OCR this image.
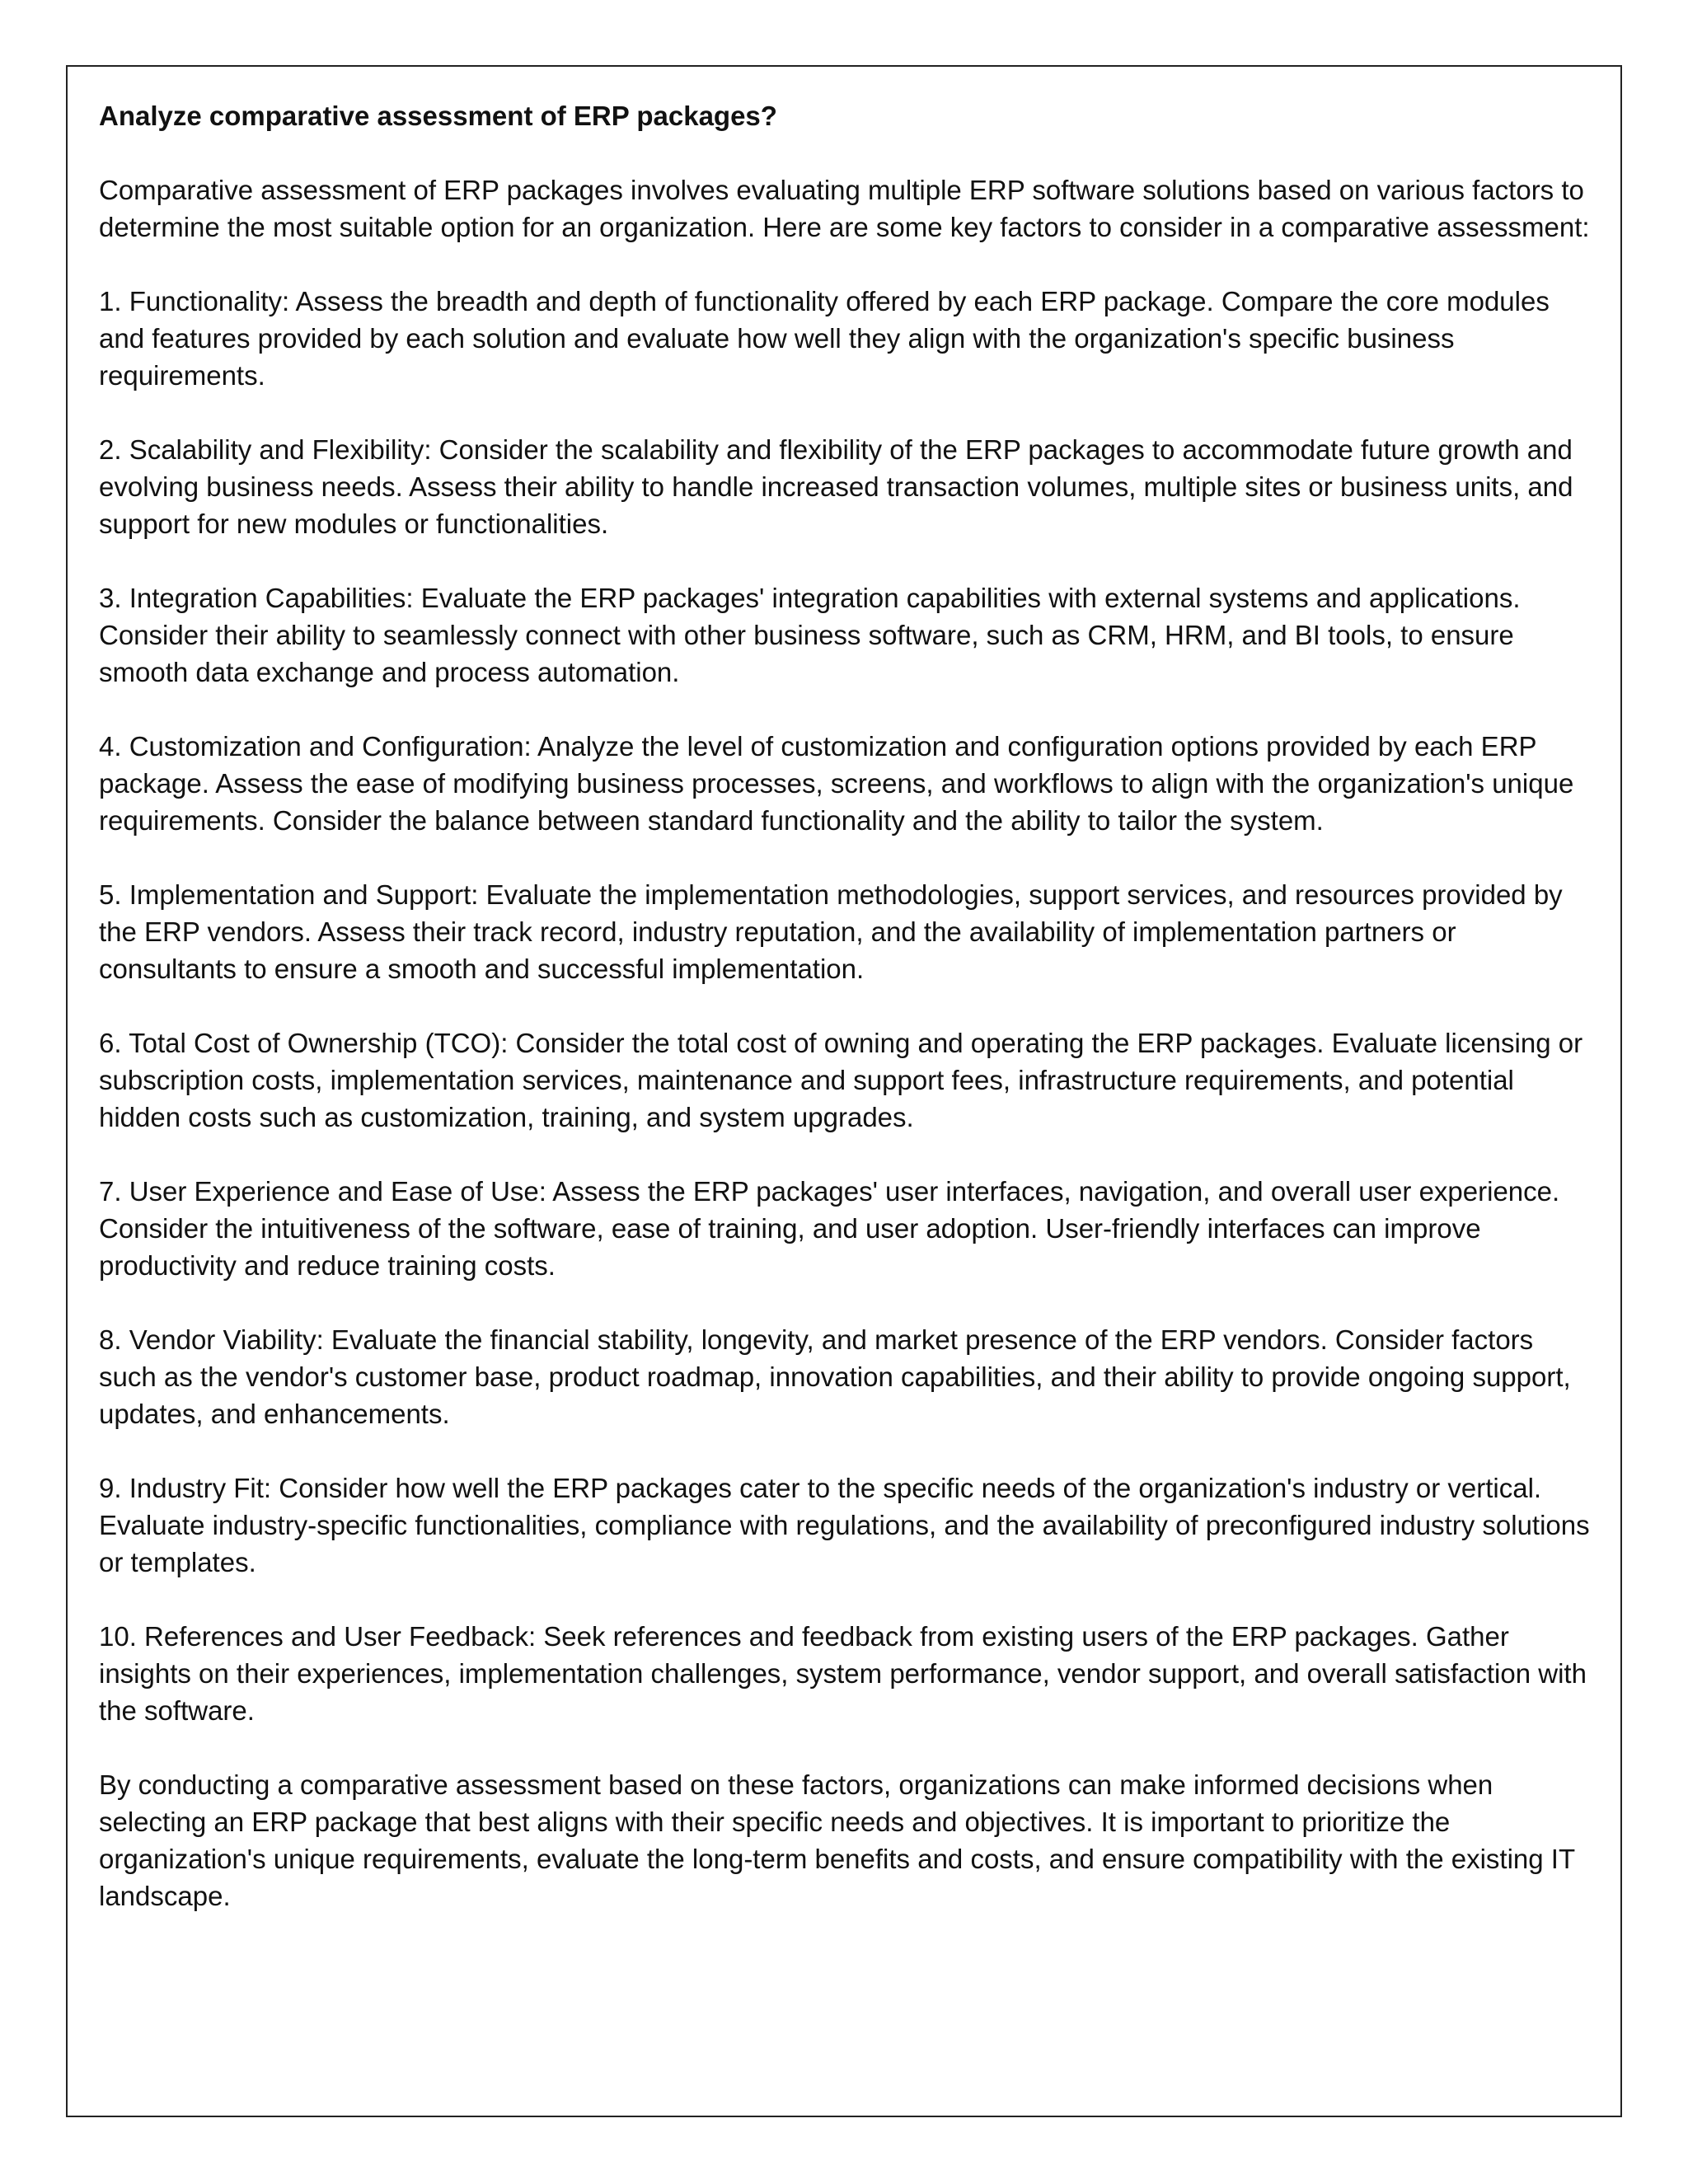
Analyze comparative assessment of ERP packages?

Comparative assessment of ERP packages involves evaluating multiple ERP software solutions based on various factors to determine the most suitable option for an organization. Here are some key factors to consider in a comparative assessment:

1. Functionality: Assess the breadth and depth of functionality offered by each ERP package. Compare the core modules and features provided by each solution and evaluate how well they align with the organization's specific business requirements.

2. Scalability and Flexibility: Consider the scalability and flexibility of the ERP packages to accommodate future growth and evolving business needs. Assess their ability to handle increased transaction volumes, multiple sites or business units, and support for new modules or functionalities.

3. Integration Capabilities: Evaluate the ERP packages' integration capabilities with external systems and applications. Consider their ability to seamlessly connect with other business software, such as CRM, HRM, and BI tools, to ensure smooth data exchange and process automation.

4. Customization and Configuration: Analyze the level of customization and configuration options provided by each ERP package. Assess the ease of modifying business processes, screens, and workflows to align with the organization's unique requirements. Consider the balance between standard functionality and the ability to tailor the system.

5. Implementation and Support: Evaluate the implementation methodologies, support services, and resources provided by the ERP vendors. Assess their track record, industry reputation, and the availability of implementation partners or consultants to ensure a smooth and successful implementation.

6. Total Cost of Ownership (TCO): Consider the total cost of owning and operating the ERP packages. Evaluate licensing or subscription costs, implementation services, maintenance and support fees, infrastructure requirements, and potential hidden costs such as customization, training, and system upgrades.

7. User Experience and Ease of Use: Assess the ERP packages' user interfaces, navigation, and overall user experience. Consider the intuitiveness of the software, ease of training, and user adoption. User-friendly interfaces can improve productivity and reduce training costs.

8. Vendor Viability: Evaluate the financial stability, longevity, and market presence of the ERP vendors. Consider factors such as the vendor's customer base, product roadmap, innovation capabilities, and their ability to provide ongoing support, updates, and enhancements.

9. Industry Fit: Consider how well the ERP packages cater to the specific needs of the organization's industry or vertical. Evaluate industry-specific functionalities, compliance with regulations, and the availability of preconfigured industry solutions or templates.

10. References and User Feedback: Seek references and feedback from existing users of the ERP packages. Gather insights on their experiences, implementation challenges, system performance, vendor support, and overall satisfaction with the software.

By conducting a comparative assessment based on these factors, organizations can make informed decisions when selecting an ERP package that best aligns with their specific needs and objectives. It is important to prioritize the organization's unique requirements, evaluate the long-term benefits and costs, and ensure compatibility with the existing IT landscape.
